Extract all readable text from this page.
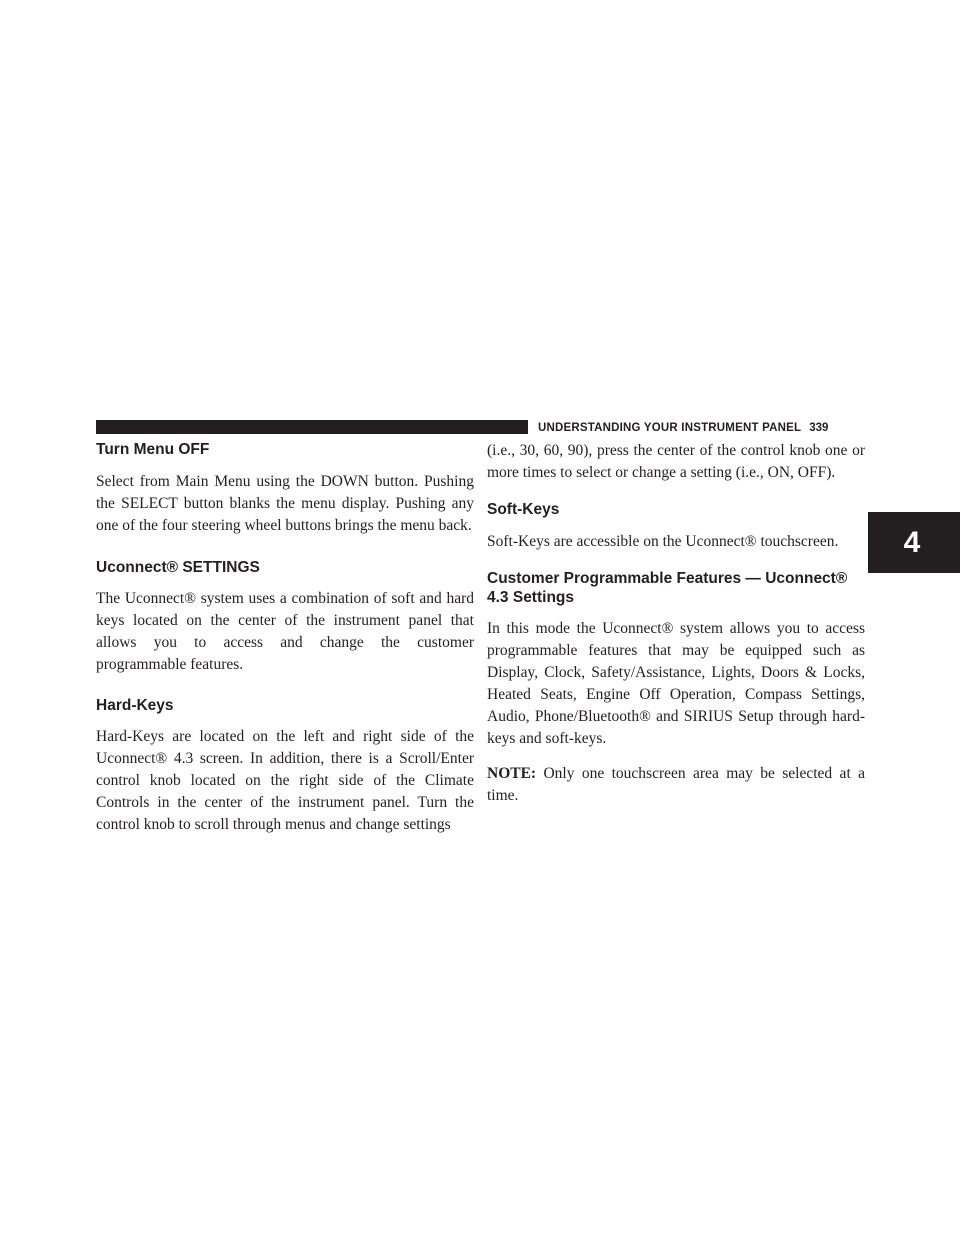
UNDERSTANDING YOUR INSTRUMENT PANEL 339
Turn Menu OFF

Select from Main Menu using the DOWN button. Pushing the SELECT button blanks the menu display. Pushing any one of the four steering wheel buttons brings the menu back.

Uconnect® SETTINGS

The Uconnect® system uses a combination of soft and hard keys located on the center of the instrument panel that allows you to access and change the customer programmable features.

Hard-Keys

Hard-Keys are located on the left and right side of the Uconnect® 4.3 screen. In addition, there is a Scroll/Enter control knob located on the right side of the Climate Controls in the center of the instrument panel. Turn the control knob to scroll through menus and change settings

(i.e., 30, 60, 90), press the center of the control knob one or more times to select or change a setting (i.e., ON, OFF).

Soft-Keys

Soft-Keys are accessible on the Uconnect® touchscreen.

Customer Programmable Features — Uconnect® 4.3 Settings

In this mode the Uconnect® system allows you to access programmable features that may be equipped such as Display, Clock, Safety/Assistance, Lights, Doors & Locks, Heated Seats, Engine Off Operation, Compass Settings, Audio, Phone/Bluetooth® and SIRIUS Setup through hard-keys and soft-keys.

NOTE: Only one touchscreen area may be selected at a time.

4
